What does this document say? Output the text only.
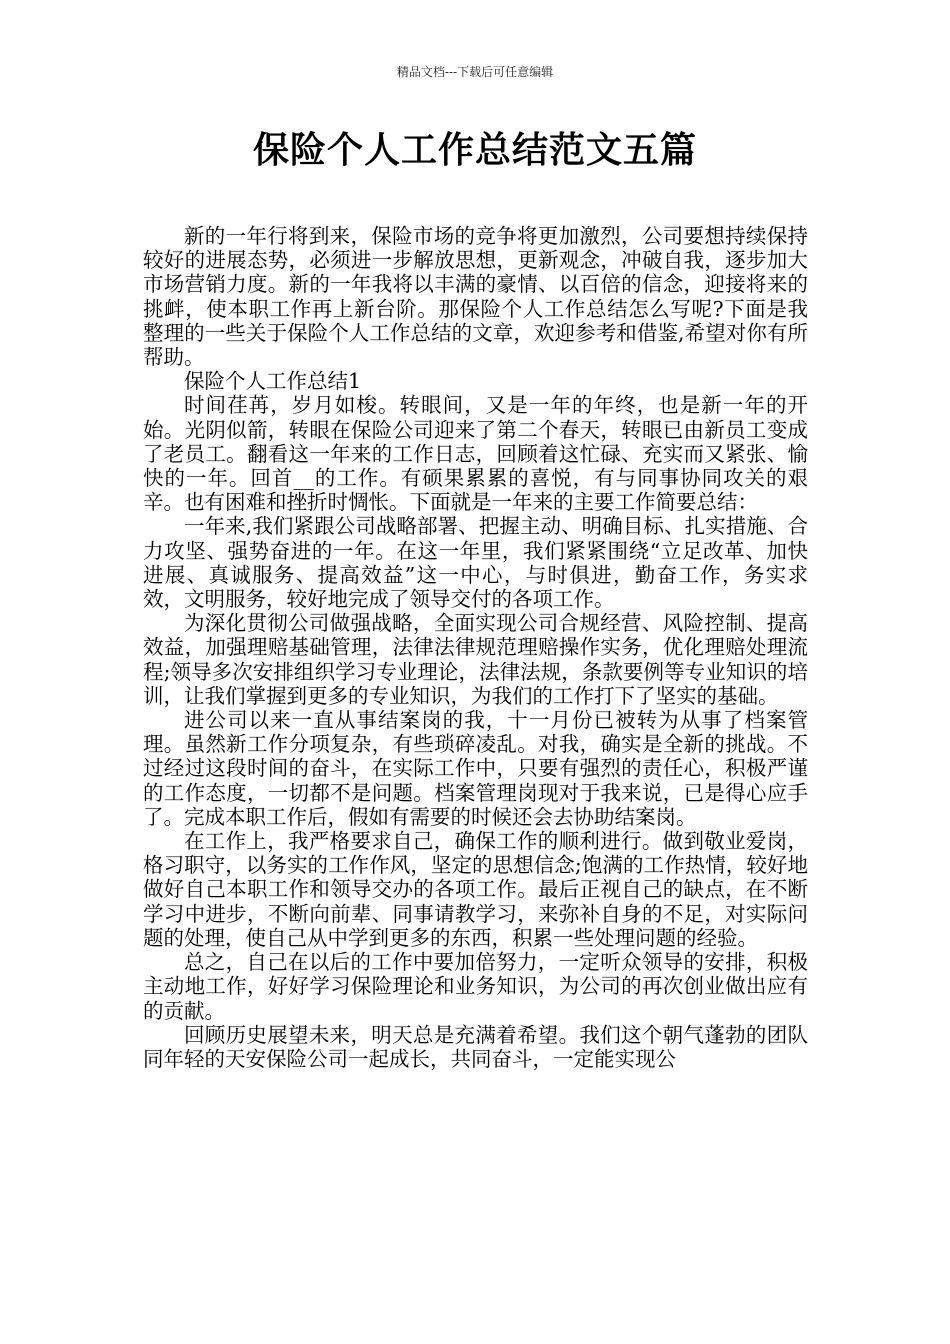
精品文档---下载后可任意编辑
保险个人工作总结范文五篇

新的一年行将到来，保险市场的竞争将更加激烈，公司要想持续保持较好的进展态势，必须进一步解放思想，更新观念，冲破自我，逐步加大市场营销力度。新的一年我将以丰满的豪情、以百倍的信念，迎接将来的挑衅，使本职工作再上新台阶。那保险个人工作总结怎么写呢?下面是我整理的一些关于保险个人工作总结的文章，欢迎参考和借鉴,希望对你有所帮助。

保险个人工作总结1

时间荏苒，岁月如梭。转眼间，又是一年的年终，也是新一年的开始。光阴似箭，转眼在保险公司迎来了第二个春天，转眼已由新员工变成了老员工。翻看这一年来的工作日志，回顾着这忙碌、充实而又紧张、愉快的一年。回首__的工作。有硕果累累的喜悦，有与同事协同攻关的艰辛。也有困难和挫折时惆怅。下面就是一年来的主要工作简要总结：

一年来,我们紧跟公司战略部署、把握主动、明确目标、扎实措施、合力攻坚、强势奋进的一年。在这一年里，我们紧紧围绕“立足改革、加快进展、真诚服务、提高效益”这一中心，与时俱进，勤奋工作，务实求效，文明服务，较好地完成了领导交付的各项工作。

为深化贯彻公司做强战略，全面实现公司合规经营、风险控制、提高效益，加强理赔基础管理，法律法律规范理赔操作实务，优化理赔处理流程;领导多次安排组织学习专业理论，法律法规，条款要例等专业知识的培训，让我们掌握到更多的专业知识，为我们的工作打下了坚实的基础。

进公司以来一直从事结案岗的我，十一月份已被转为从事了档案管理。虽然新工作分项复杂，有些琐碎凌乱。对我，确实是全新的挑战。不过经过这段时间的奋斗，在实际工作中，只要有强烈的责任心，积极严谨的工作态度，一切都不是问题。档案管理岗现对于我来说，已是得心应手了。完成本职工作后，假如有需要的时候还会去协助结案岗。

在工作上，我严格要求自己，确保工作的顺利进行。做到敬业爱岗，格习职守，以务实的工作作风，坚定的思想信念;饱满的工作热情，较好地做好自己本职工作和领导交办的各项工作。最后正视自己的缺点，在不断学习中进步，不断向前辈、同事请教学习，来弥补自身的不足，对实际问题的处理，使自己从中学到更多的东西，积累一些处理问题的经验。

总之，自己在以后的工作中要加倍努力，一定听众领导的安排，积极主动地工作，好好学习保险理论和业务知识，为公司的再次创业做出应有的贡献。

回顾历史展望未来，明天总是充满着希望。我们这个朝气蓬勃的团队同年轻的天安保险公司一起成长，共同奋斗，一定能实现公
